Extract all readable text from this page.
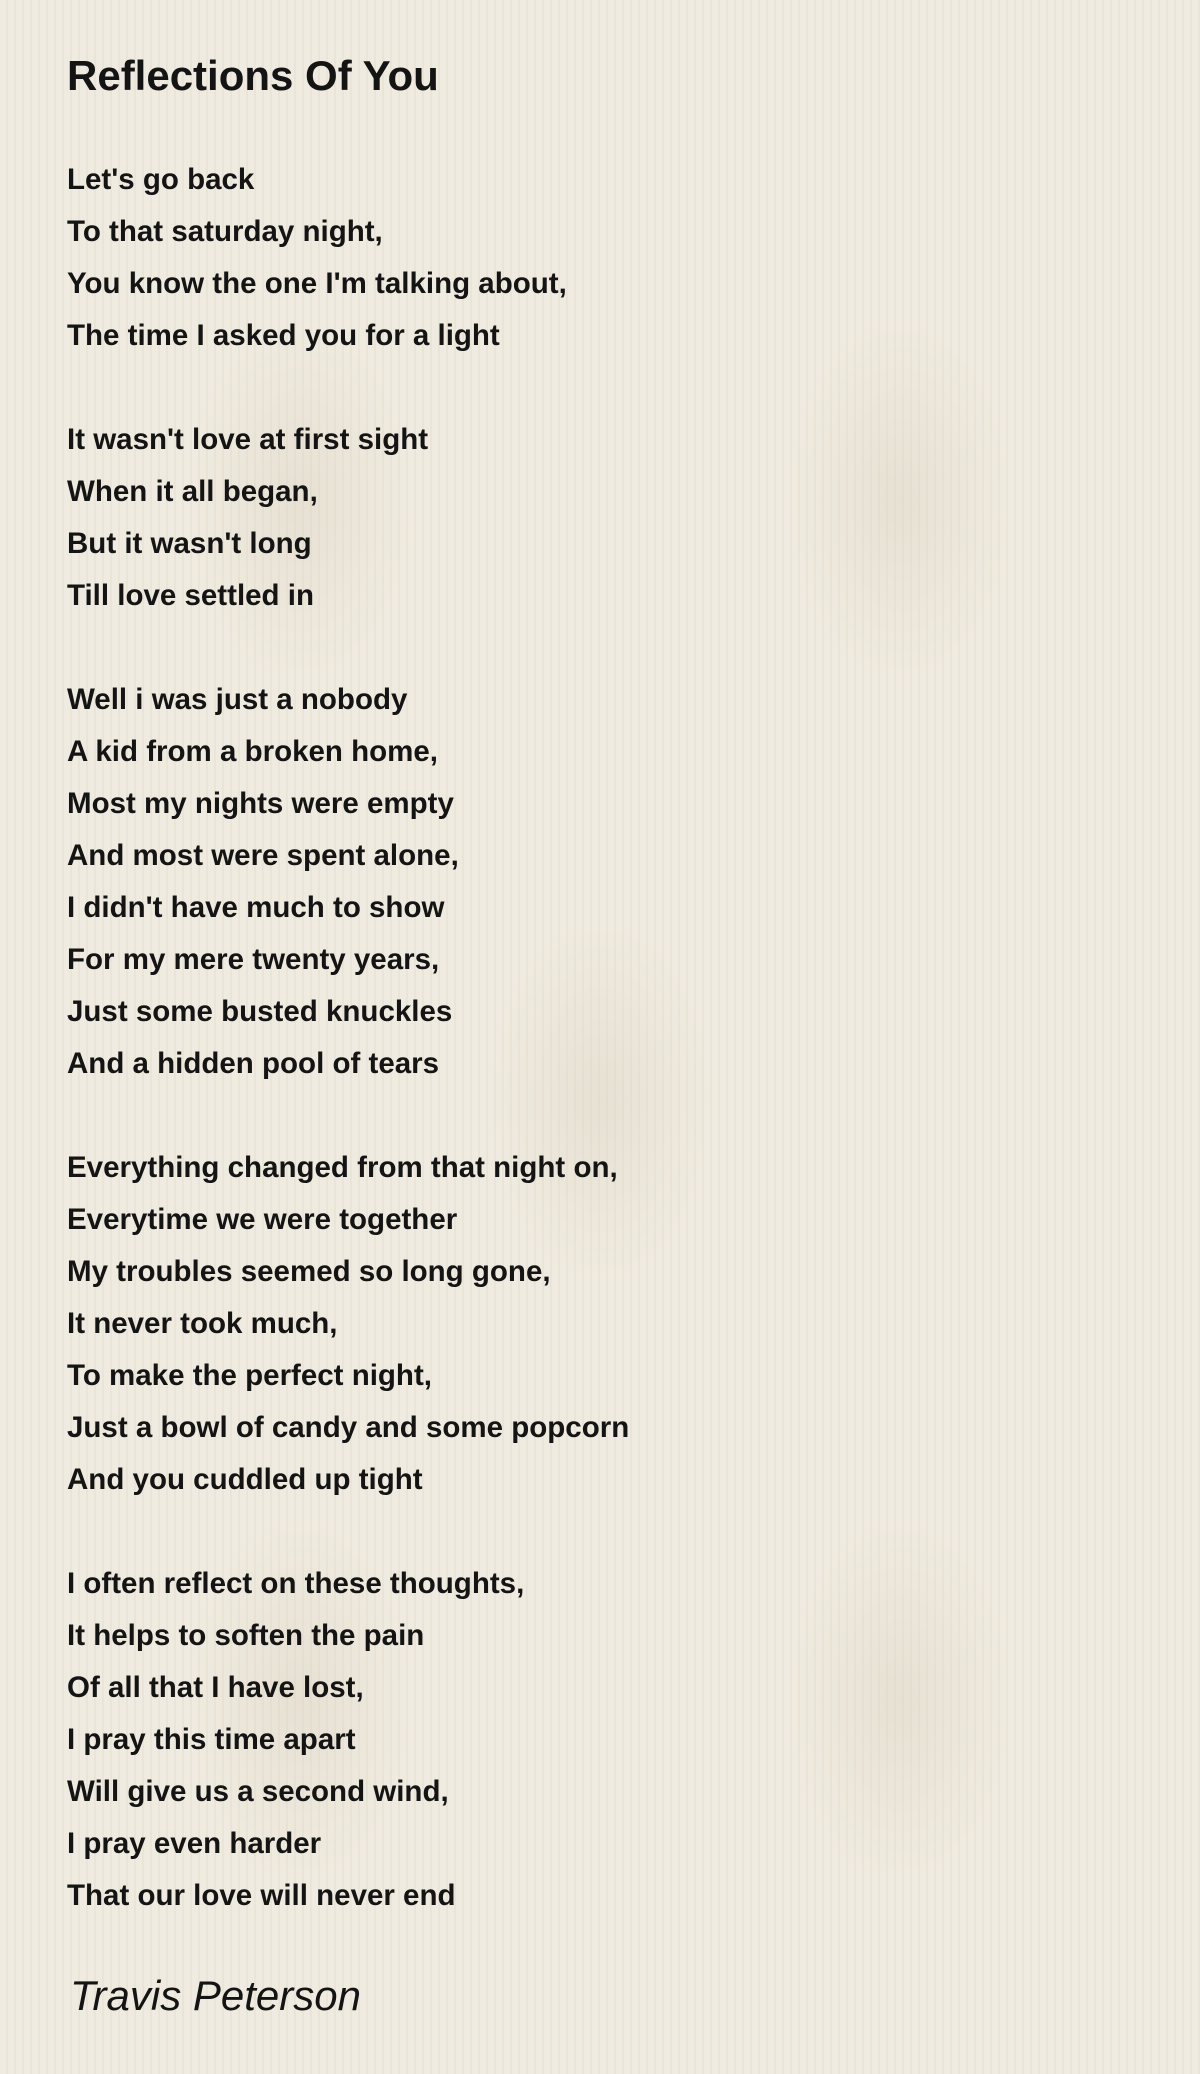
Reflections Of You
Let's go back
To that saturday night,
You know the one I'm talking about,
The time I asked you for a light
It wasn't love at first sight
When it all began,
But it wasn't long
Till love settled in
Well i was just a nobody
A kid from a broken home,
Most my nights were empty
And most were spent alone,
I didn't have much to show
For my mere twenty years,
Just some busted knuckles
And a hidden pool of tears
Everything changed from that night on,
Everytime we were together
My troubles seemed so long gone,
It never took much,
To make the perfect night,
Just a bowl of candy and some popcorn
And you cuddled up tight
I often reflect on these thoughts,
It helps to soften the pain
Of all that I have lost,
I pray this time apart
Will give us a second wind,
I pray even harder
That our love will never end
Travis Peterson
